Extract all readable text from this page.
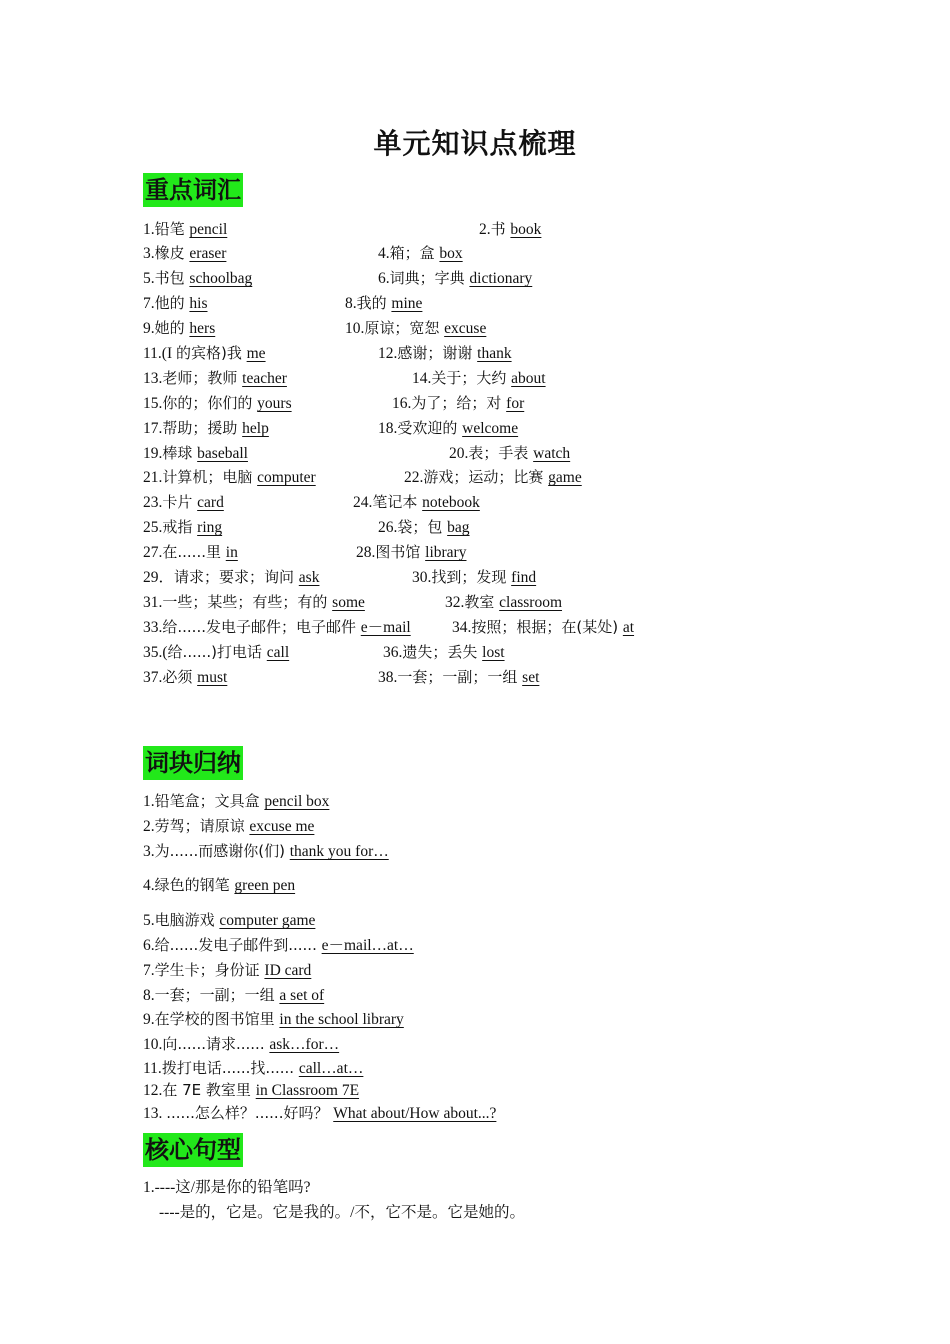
单元知识点梳理
重点词汇
1.铅笔 pencil	2.书 book
3.橡皮 eraser	4.箱；盒 box
5.书包 schoolbag	6.词典；字典 dictionary
7.他的 his	8.我的 mine
9.她的 hers	10.原谅；宽恕 excuse
11.(I 的宾格)我 me	12.感谢；谢谢 thank
13.老师；教师 teacher	14.关于；大约 about
15.你的；你们的 yours	16.为了；给；对 for
17.帮助；援助 help	18.受欢迎的 welcome
19.棒球 baseball	20.表；手表 watch
21.计算机；电脑 computer	22.游戏；运动；比赛 game
23.卡片 card	24.笔记本 notebook
25.戒指 ring	26.袋；包 bag
27.在......里 in	28.图书馆 library
29．请求；要求；询问 ask	30.找到；发现 find
31.一些；某些；有些；有的 some	32.教室 classroom
33.给......发电子邮件；电子邮件 e－mail	34.按照；根据；在(某处) at
35.(给......)打电话 call	36.遗失；丢失 lost
37.必须 must	38.一套；一副；一组 set
词块归纳
1.铅笔盒；文具盒 pencil box
2.劳驾；请原谅 excuse me
3.为......而感谢你(们) thank you for…
4.绿色的钢笔 green pen
5.电脑游戏 computer game
6.给......发电子邮件到...... e－mail…at…
7.学生卡；身份证 ID card
8.一套；一副；一组 a set of
9.在学校的图书馆里 in the school library
10.向......请求...... ask…for…
11.拨打电话......找...... call…at…
12.在 7E 教室里 in Classroom 7E
13. ......怎么样？......好吗？ What about/How about...?
核心句型
1.----这/那是你的铅笔吗?
----是的，它是。它是我的。/不，它不是。它是她的。
